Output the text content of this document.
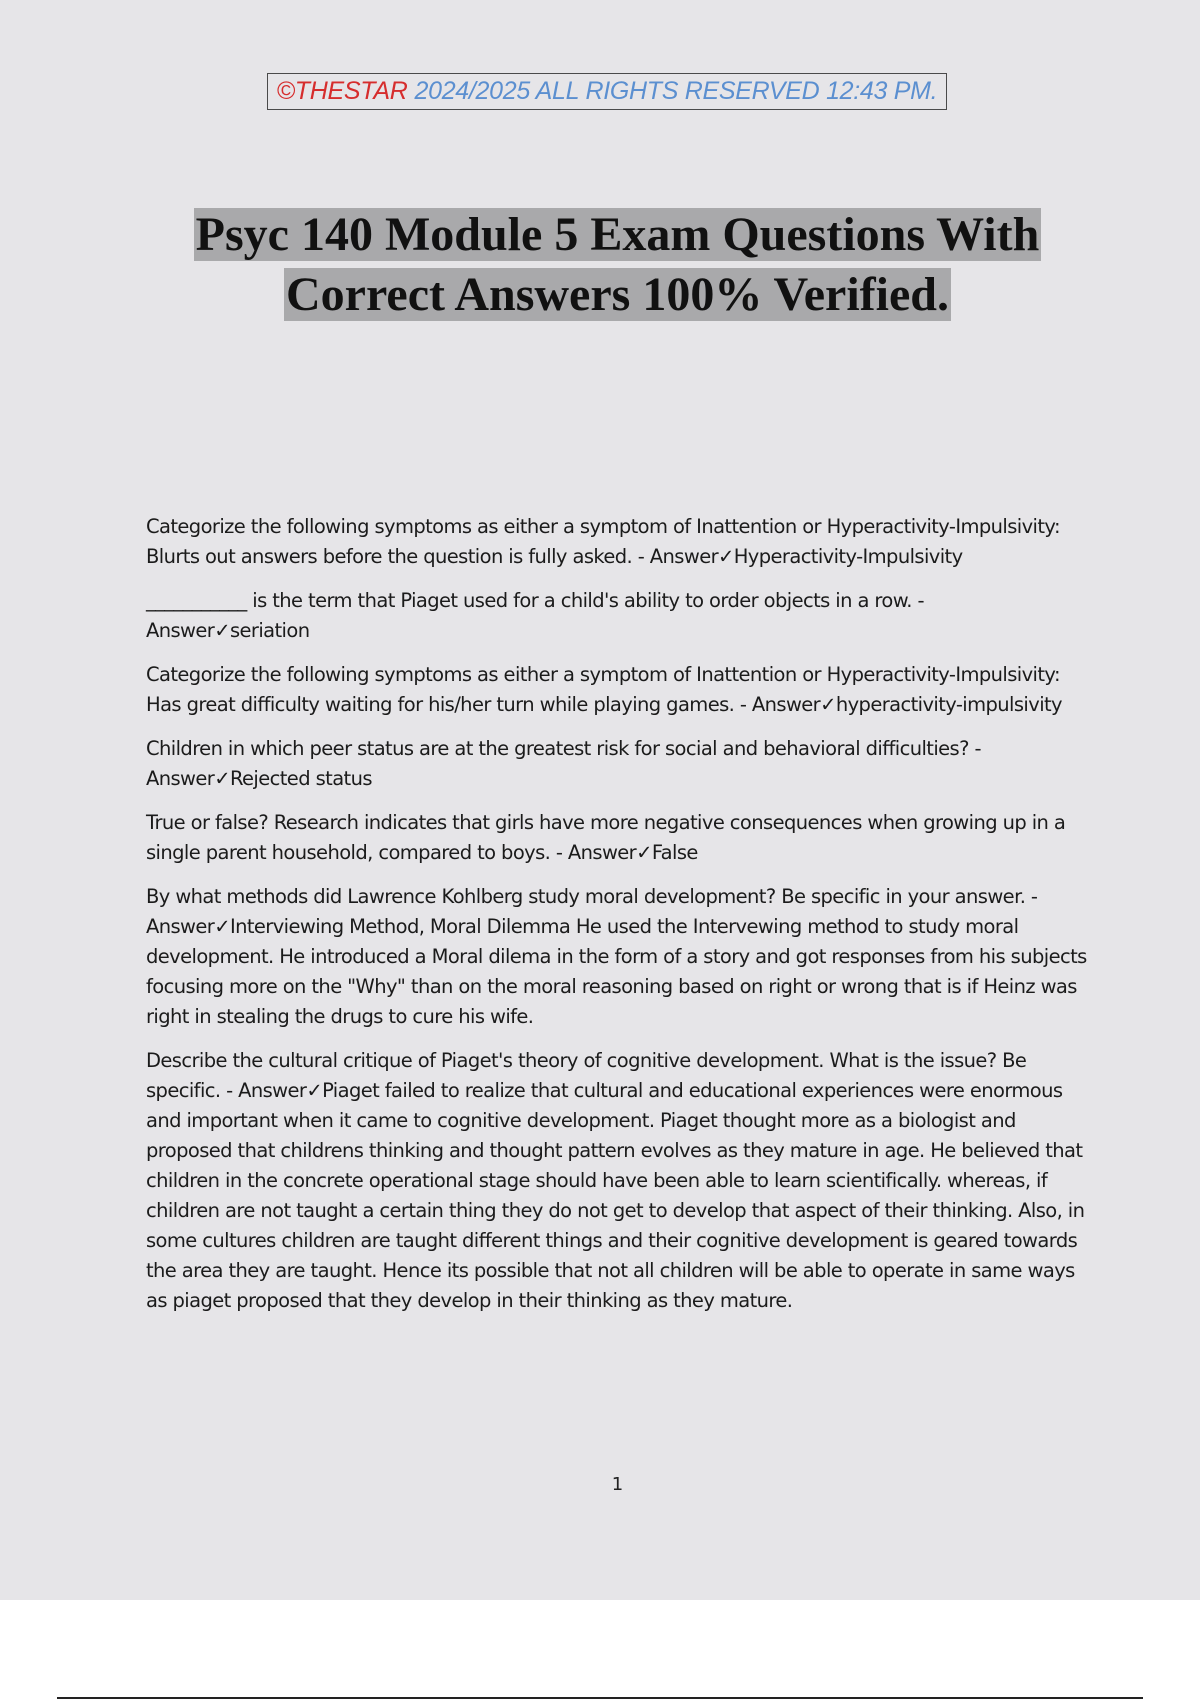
©THESTAR 2024/2025 ALL RIGHTS RESERVED 12:43 PM.
Psyc 140 Module 5 Exam Questions With
Correct Answers 100% Verified.

Categorize the following symptoms as either a symptom of Inattention or Hyperactivity-Impulsivity: Blurts out answers before the question is fully asked. - Answer✓Hyperactivity-Impulsivity

___________ is the term that Piaget used for a child's ability to order objects in a row. - Answer✓seriation

Categorize the following symptoms as either a symptom of Inattention or Hyperactivity-Impulsivity: Has great difficulty waiting for his/her turn while playing games. - Answer✓hyperactivity-impulsivity

Children in which peer status are at the greatest risk for social and behavioral difficulties? - Answer✓Rejected status

True or false? Research indicates that girls have more negative consequences when growing up in a single parent household, compared to boys. - Answer✓False

By what methods did Lawrence Kohlberg study moral development? Be specific in your answer. - Answer✓Interviewing Method, Moral Dilemma He used the Intervewing method to study moral development. He introduced a Moral dilema in the form of a story and got responses from his subjects focusing more on the "Why" than on the moral reasoning based on right or wrong that is if Heinz was right in stealing the drugs to cure his wife.

Describe the cultural critique of Piaget's theory of cognitive development. What is the issue? Be specific. - Answer✓Piaget failed to realize that cultural and educational experiences were enormous and important when it came to cognitive development. Piaget thought more as a biologist and proposed that childrens thinking and thought pattern evolves as they mature in age. He believed that children in the concrete operational stage should have been able to learn scientifically. whereas, if children are not taught a certain thing they do not get to develop that aspect of their thinking. Also, in some cultures children are taught different things and their cognitive development is geared towards the area they are taught. Hence its possible that not all children will be able to operate in same ways as piaget proposed that they develop in their thinking as they mature.

1
